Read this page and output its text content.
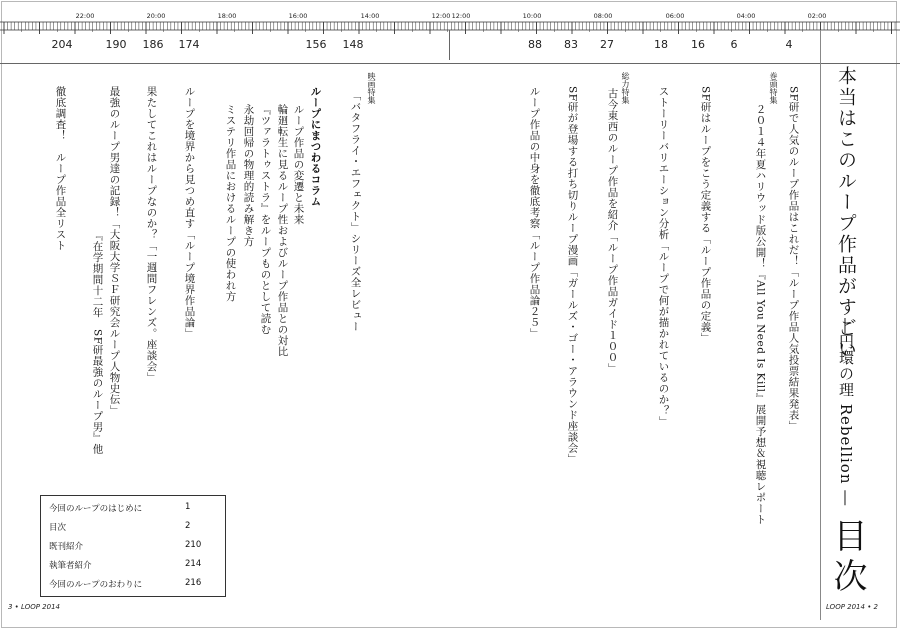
22:00	20:00	18:00	16:00	14:00	12:00 12:00	10:00	08:00	06:00	04:00	02:00
204	190 186 174	156 148	88 83 27	18 16 6	4
本当はこのループ作品がすごい
―円環の理 Rebellion ―
目次
SF研で人気のループ作品はこれだ！「ループ作品人気投票結果発表」
巻頭特集
２０１４年夏ハリウッド版公開！『All You Need Is Kill』展開予想＆視聴レポート
SF研はループをこう定義する「ループ作品の定義」
ストーリーバリエーション分析「ループで何が描かれているのか？」
総力特集
古今東西のループ作品を紹介「ループ作品ガイド１００」
SF研が登場する打ち切りループ漫画「ガールズ・ゴー・アラウンド座談会」
ループ作品の中身を徹底考察「ループ作品論２５」
映画特集
「バタフライ・エフェクト」シリーズ全レビュー
ループにまつわるコラム
ループ作品の変遷と未来
輪廻転生に見るループ性およびループ作品との対比
『ツァラトゥストラ』をループものとして読む
永劫回帰の物理的読み解き方
ミステリ作品におけるループの使われ方
ループを境界から見つめ直す「ループ境界作品論」
果たしてこれはループなのか？「一週間フレンズ。座談会」
最強のループ男達の記録！「大阪大学ＳＦ研究会ループ人物史伝」
『在学期間十二年　SF研最強のループ男』他
徹底調査！　ループ作品全リスト
今回のループのはじめに	1
目次	2
既刊紹介	210
執筆者紹介	214
今回のループのおわりに	216
3 • LOOP 2014	LOOP 2014 • 2
